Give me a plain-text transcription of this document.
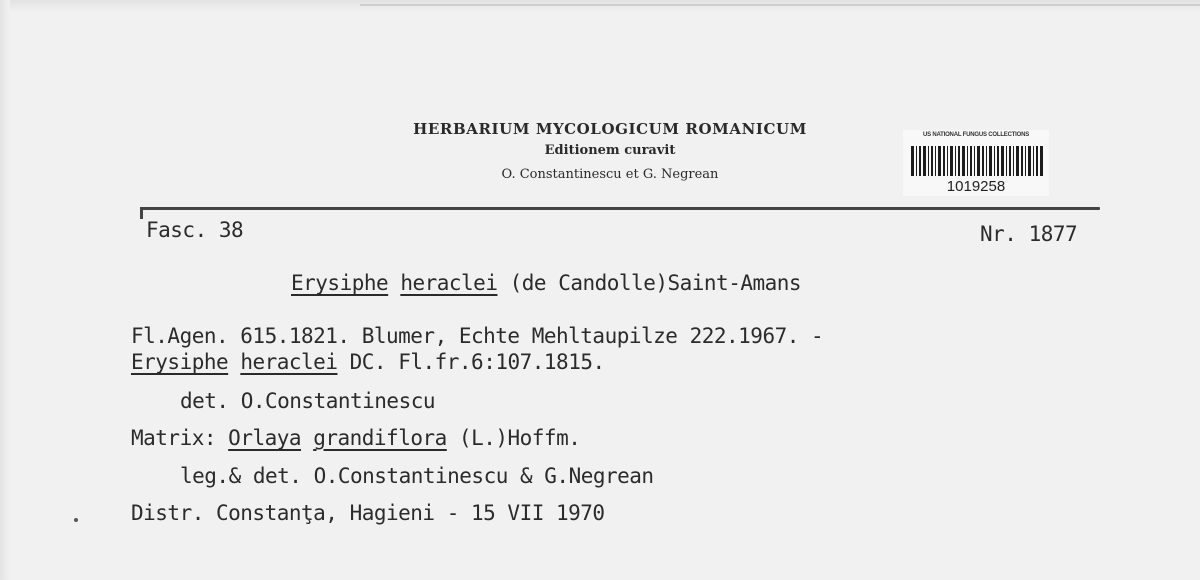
HERBARIUM MYCOLOGICUM ROMANICUM
Editionem curavit
O. Constantinescu et G. Negrean
US NATIONAL FUNGUS COLLECTIONS
1019258
Fasc. 38	Nr. 1877
Erysiphe heraclei (de Candolle)Saint-Amans
Fl.Agen. 615.1821. Blumer, Echte Mehltaupilze 222.1967. -
Erysiphe heraclei DC. Fl.fr.6:107.1815.
det. O.Constantinescu
Matrix: Orlaya grandiflora (L.)Hoffm.
leg.& det. O.Constantinescu & G.Negrean
Distr. Constanţa, Hagieni - 15 VII 1970
